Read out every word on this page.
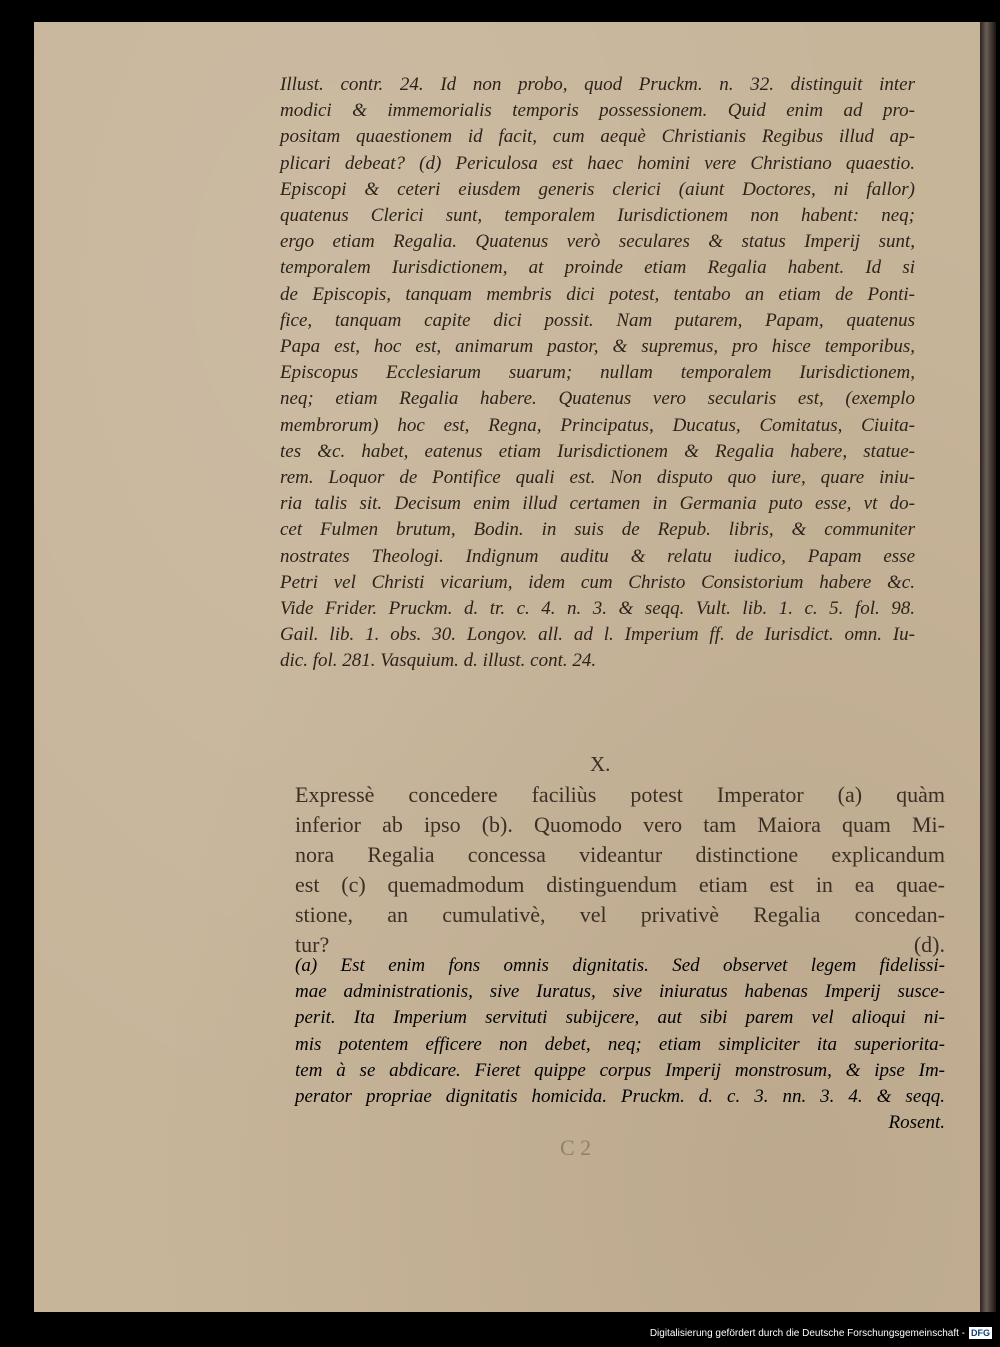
Illust. contr. 24. Id non probo, quod Pruckm. n. 32. distinguit inter
modici & immemorialis temporis possessionem. Quid enim ad pro-
positam quaestionem id facit, cum aequè Christianis Regibus illud ap-
plicari debeat? (d) Periculosa est haec homini vere Christiano quaestio.
Episcopi & ceteri eiusdem generis clerici (aiunt Doctores, ni fallor)
quatenus Clerici sunt, temporalem Iurisdictionem non habent: neq;
ergo etiam Regalia. Quatenus verò seculares & status Imperij sunt,
temporalem Iurisdictionem, at proinde etiam Regalia habent. Id si
de Episcopis, tanquam membris dici potest, tentabo an etiam de Ponti-
fice, tanquam capite dici possit. Nam putarem, Papam, quatenus
Papa est, hoc est, animarum pastor, & supremus, pro hisce temporibus,
Episcopus Ecclesiarum suarum; nullam temporalem Iurisdictionem,
neq; etiam Regalia habere. Quatenus vero secularis est, (exemplo
membrorum) hoc est, Regna, Principatus, Ducatus, Comitatus, Ciuita-
tes &c. habet, eatenus etiam Iurisdictionem & Regalia habere, statue-
rem. Loquor de Pontifice quali est. Non disputo quo iure, quare iniu-
ria talis sit. Decisum enim illud certamen in Germania puto esse, vt do-
cet Fulmen brutum, Bodin. in suis de Repub. libris, & communiter
nostrates Theologi. Indignum auditu & relatu iudico, Papam esse
Petri vel Christi vicarium, idem cum Christo Consistorium habere &c.
Vide Frider. Pruckm. d. tr. c. 4. n. 3. & seqq. Vult. lib. 1. c. 5. fol. 98.
Gail. lib. 1. obs. 30. Longov. all. ad l. Imperium ff. de Iurisdict. omn. Iu-
dic. fol. 281. Vasquium. d. illust. cont. 24.
X.
Expressè concedere faciliùs potest Imperator (a) quàm
inferior ab ipso (b). Quomodo vero tam Maiora quam Mi-
nora Regalia concessa videantur distinctione explicandum
est (c) quemadmodum distinguendum etiam est in ea quae-
stione, an cumulativè, vel privativè Regalia concedan-
tur? (d).
(a) Est enim fons omnis dignitatis. Sed observet legem fidelissi-
mae administrationis, sive Iuratus, sive iniuratus habenas Imperij susce-
perit. Ita Imperium servituti subijcere, aut sibi parem vel alioqui ni-
mis potentem efficere non debet, neq; etiam simpliciter ita superiorita-
tem à se abdicare. Fieret quippe corpus Imperij monstrosum, & ipse Im-
perator propriae dignitatis homicida. Pruckm. d. c. 3. nn. 3. 4. & seqq.
Rosent.
C 2
Digitalisierung gefördert durch die Deutsche Forschungsgemeinschaft - DFG
